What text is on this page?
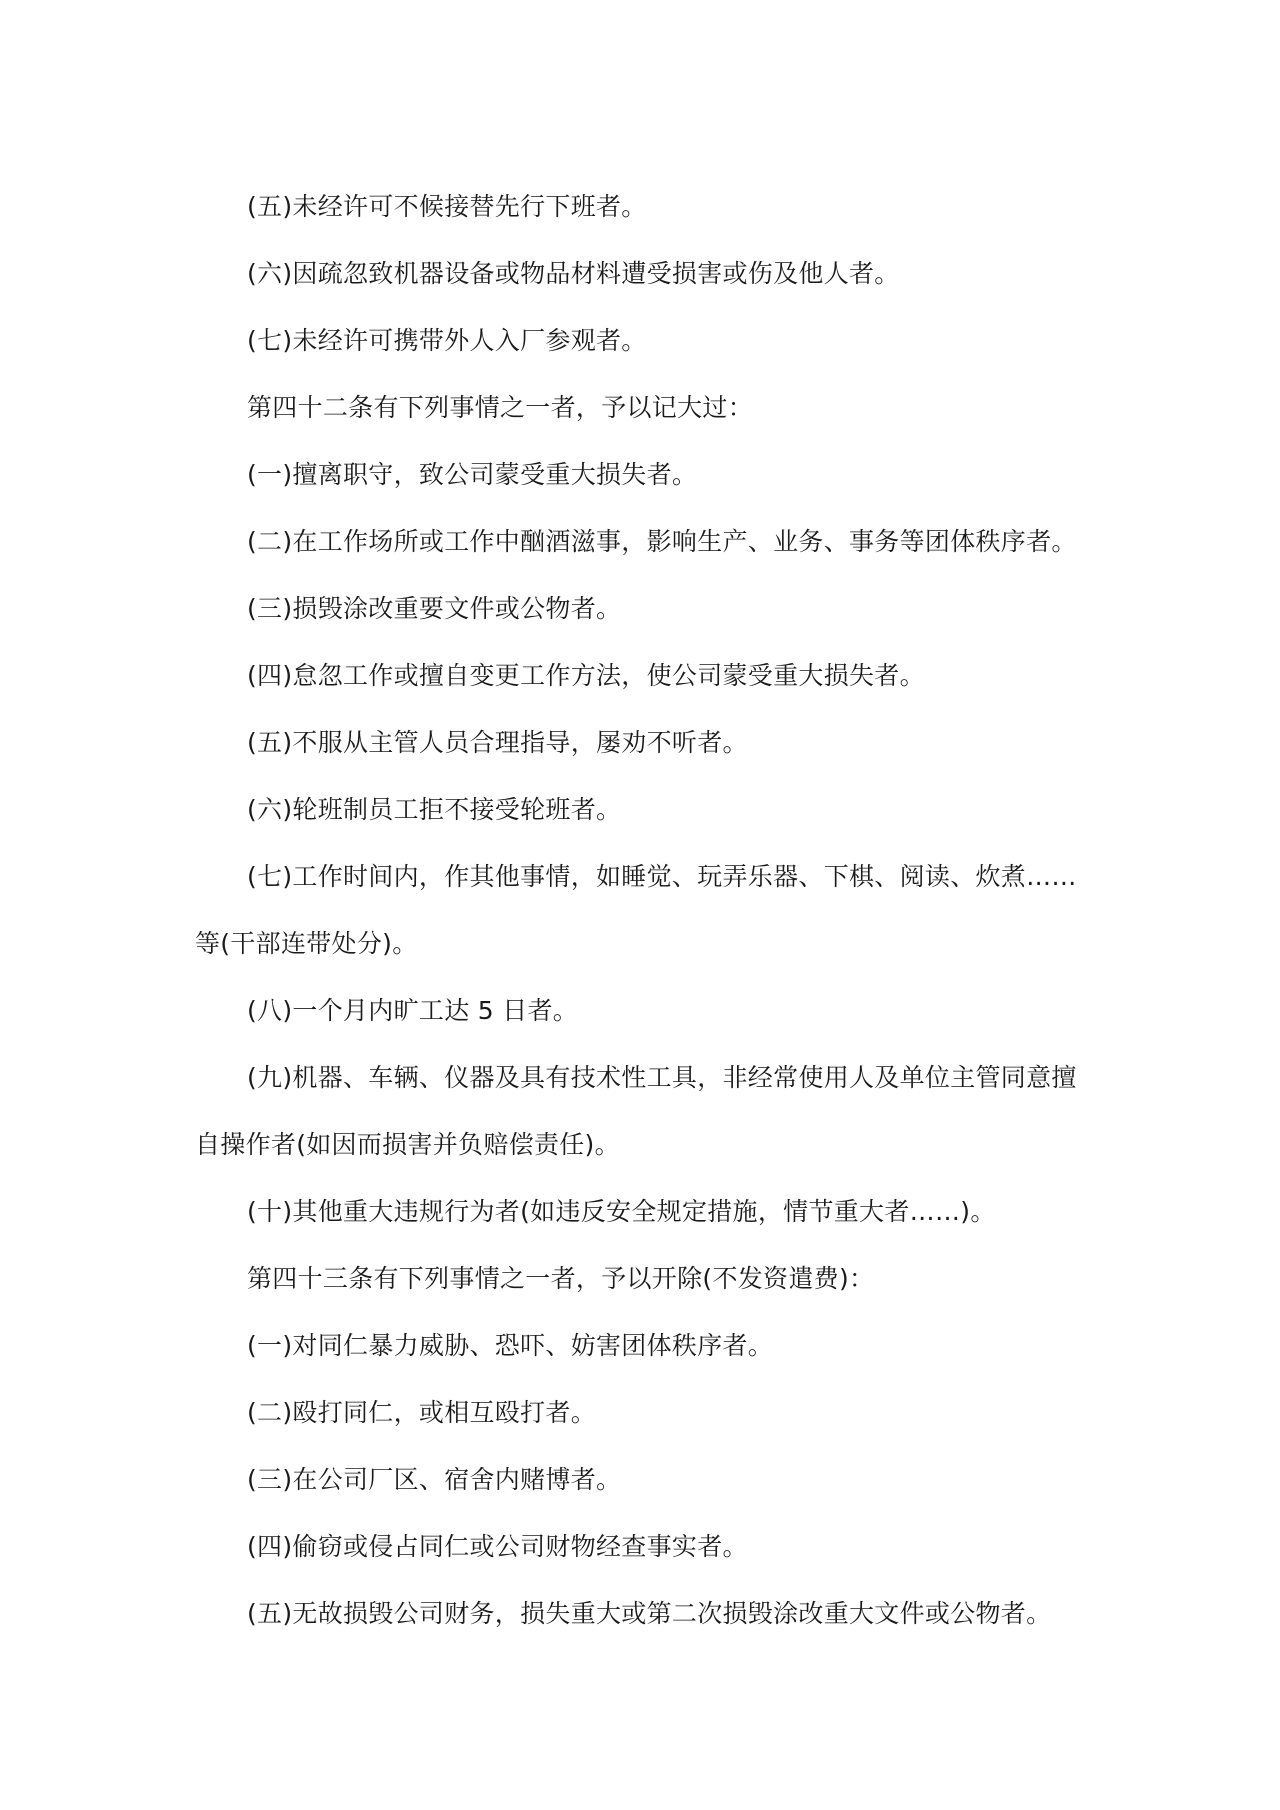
(五)未经许可不候接替先行下班者。

(六)因疏忽致机器设备或物品材料遭受损害或伤及他人者。

(七)未经许可携带外人入厂参观者。

第四十二条有下列事情之一者，予以记大过：

(一)擅离职守，致公司蒙受重大损失者。

(二)在工作场所或工作中酗酒滋事，影响生产、业务、事务等团体秩序者。

(三)损毁涂改重要文件或公物者。

(四)怠忽工作或擅自变更工作方法，使公司蒙受重大损失者。

(五)不服从主管人员合理指导，屡劝不听者。

(六)轮班制员工拒不接受轮班者。

(七)工作时间内，作其他事情，如睡觉、玩弄乐器、下棋、阅读、炊煮……等(干部连带处分)。

(八)一个月内旷工达 5 日者。

(九)机器、车辆、仪器及具有技术性工具，非经常使用人及单位主管同意擅自操作者(如因而损害并负赔偿责任)。

(十)其他重大违规行为者(如违反安全规定措施，情节重大者……)。

第四十三条有下列事情之一者，予以开除(不发资遣费)：

(一)对同仁暴力威胁、恐吓、妨害团体秩序者。

(二)殴打同仁，或相互殴打者。

(三)在公司厂区、宿舍内赌博者。

(四)偷窃或侵占同仁或公司财物经查事实者。

(五)无故损毁公司财务，损失重大或第二次损毁涂改重大文件或公物者。
